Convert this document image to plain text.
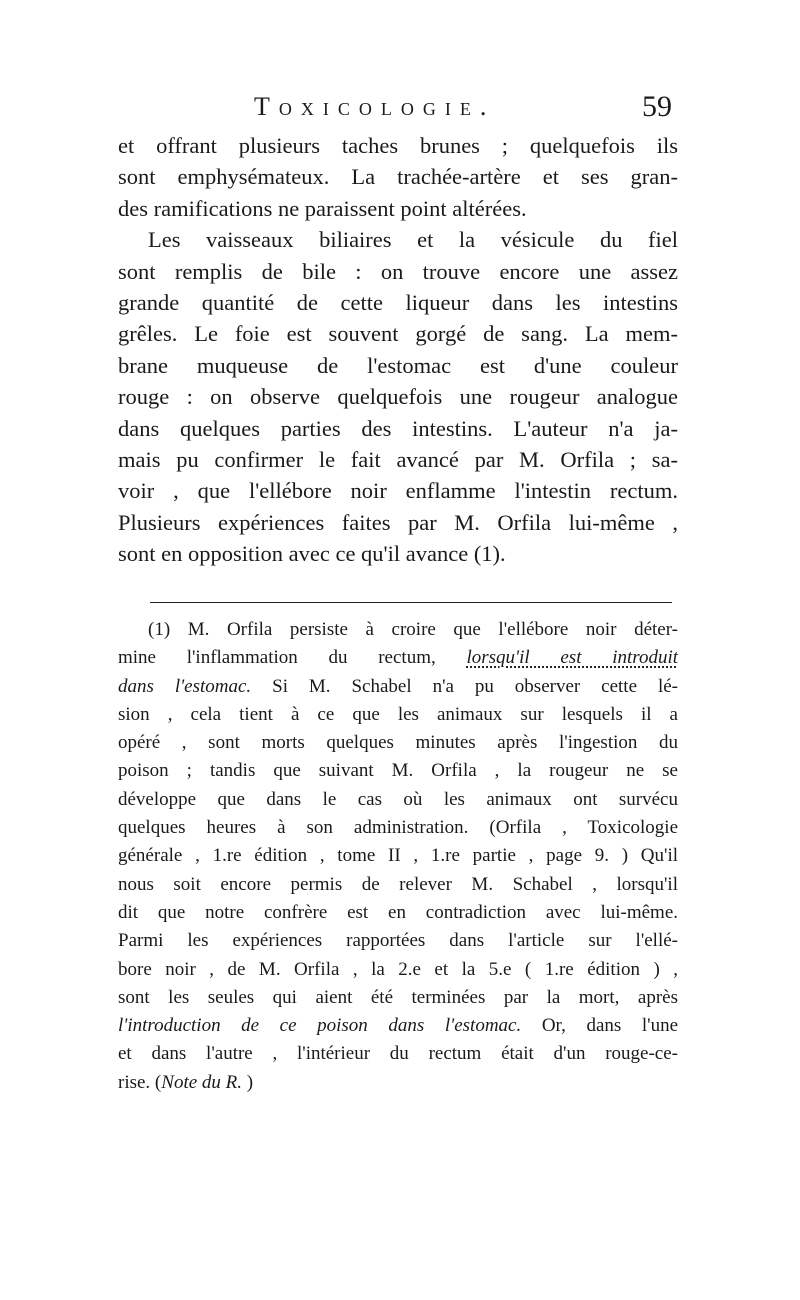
Toxicologie.	59
et offrant plusieurs taches brunes ; quelquefois ils
sont emphysémateux. La trachée-artère et ses gran-
des ramifications ne paraissent point altérées.
Les vaisseaux biliaires et la vésicule du fiel
sont remplis de bile : on trouve encore une assez
grande quantité de cette liqueur dans les intestins
grêles. Le foie est souvent gorgé de sang. La mem-
brane muqueuse de l'estomac est d'une couleur
rouge : on observe quelquefois une rougeur analogue
dans quelques parties des intestins. L'auteur n'a ja-
mais pu confirmer le fait avancé par M. Orfila ; sa-
voir , que l'ellébore noir enflamme l'intestin rectum.
Plusieurs expériences faites par M. Orfila lui-même ,
sont en opposition avec ce qu'il avance (1).
(1) M. Orfila persiste à croire que l'ellébore noir déter-
mine l'inflammation du rectum, lorsqu'il est introduit
dans l'estomac. Si M. Schabel n'a pu observer cette lé-
sion , cela tient à ce que les animaux sur lesquels il a
opéré , sont morts quelques minutes après l'ingestion du
poison ; tandis que suivant M. Orfila , la rougeur ne se
développe que dans le cas où les animaux ont survécu
quelques heures à son administration. (Orfila , Toxicologie
générale , 1.re édition , tome II , 1.re partie , page 9. ) Qu'il
nous soit encore permis de relever M. Schabel , lorsqu'il
dit que notre confrère est en contradiction avec lui-même.
Parmi les expériences rapportées dans l'article sur l'ellé-
bore noir , de M. Orfila , la 2.e et la 5.e ( 1.re édition ) ,
sont les seules qui aient été terminées par la mort, après
l'introduction de ce poison dans l'estomac. Or, dans l'une
et dans l'autre , l'intérieur du rectum était d'un rouge-ce-
rise. (Note du R. )
